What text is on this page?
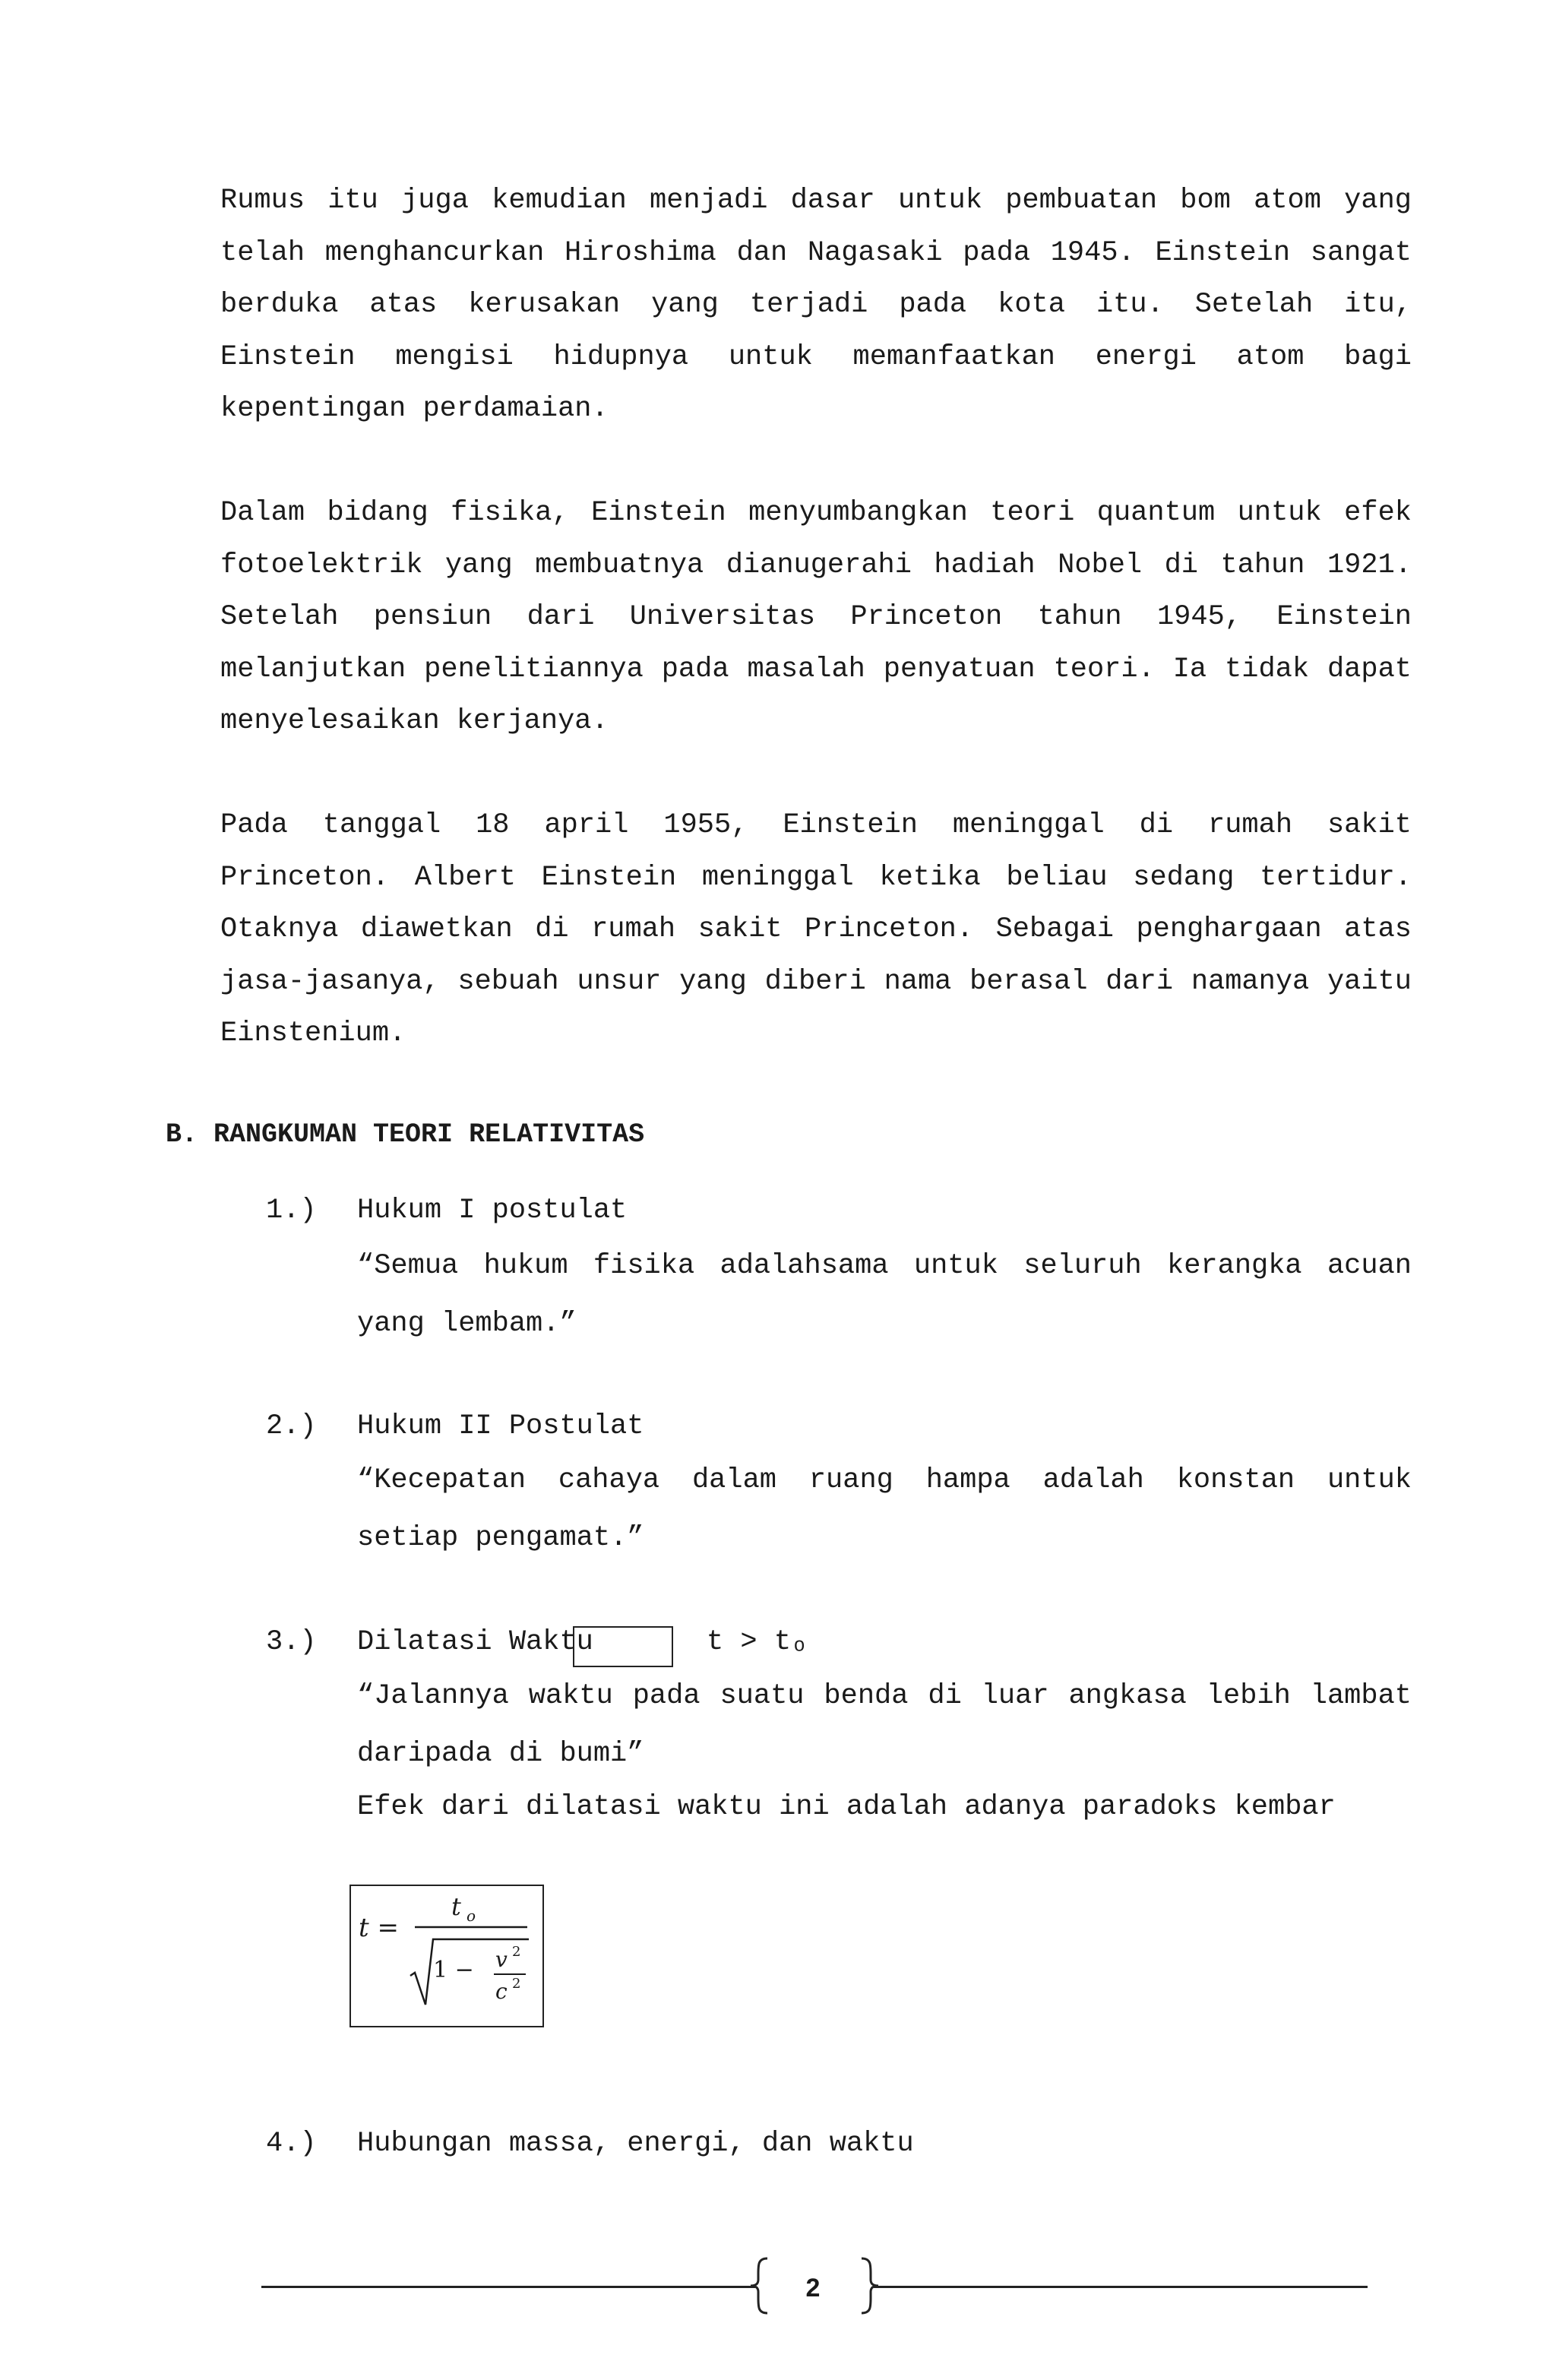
Rumus itu juga kemudian menjadi dasar untuk pembuatan bom atom yang telah menghancurkan Hiroshima dan Nagasaki pada 1945. Einstein sangat berduka atas kerusakan yang terjadi pada kota itu. Setelah itu, Einstein mengisi hidupnya untuk memanfaatkan energi atom bagi kepentingan perdamaian.

Dalam bidang fisika, Einstein menyumbangkan teori quantum untuk efek fotoelektrik yang membuatnya dianugerahi hadiah Nobel di tahun 1921. Setelah pensiun dari Universitas Princeton tahun 1945, Einstein melanjutkan penelitiannya pada masalah penyatuan teori. Ia tidak dapat menyelesaikan kerjanya.

Pada tanggal 18 april 1955, Einstein meninggal di rumah sakit Princeton. Albert Einstein meninggal ketika beliau sedang tertidur. Otaknya diawetkan di rumah sakit Princeton. Sebagai penghargaan atas jasa-jasanya, sebuah unsur yang diberi nama berasal dari namanya yaitu Einstenium.

B. RANGKUMAN TEORI RELATIVITAS

1.) Hukum I postulat

“Semua hukum fisika adalahsama untuk seluruh kerangka acuan yang lembam.”

2.) Hukum II Postulat

“Kecepatan cahaya dalam ruang hampa adalah konstan untuk setiap pengamat.”

3.) Dilatasi Waktu	t > tₒ

“Jalannya waktu pada suatu benda di luar angkasa lebih lambat daripada di bumi”

Efek dari dilatasi waktu ini adalah adanya paradoks kembar

t =
t o
1 − v 2
c 2
4.) Hubungan massa, energi, dan waktu
2
